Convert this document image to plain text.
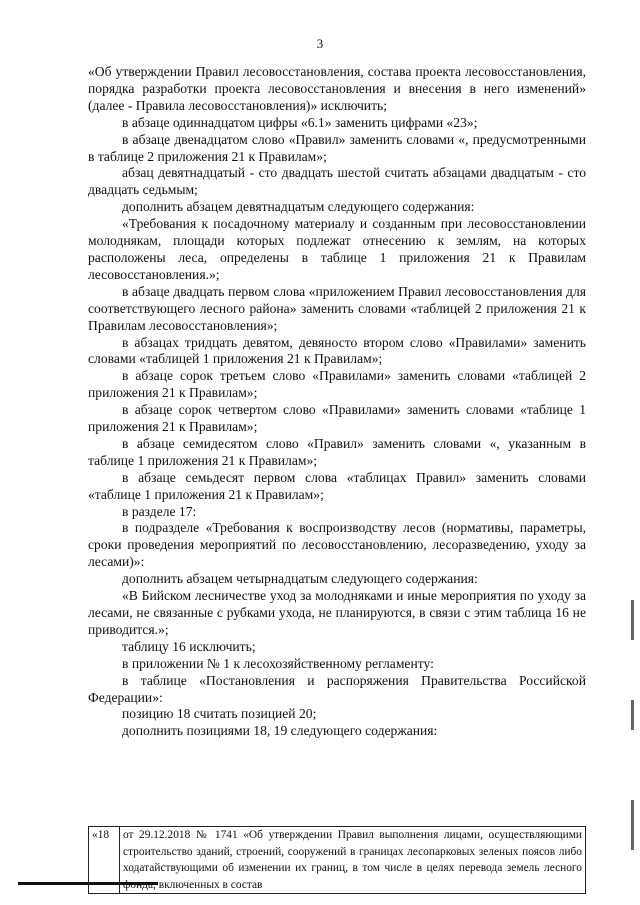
3

«Об утверждении Правил лесовосстановления, состава проекта лесовосстановления, порядка разработки проекта лесовосстановления и внесения в него изменений» (далее - Правила лесовосстановления)» исключить;

в абзаце одиннадцатом цифры «6.1» заменить цифрами «23»;

в абзаце двенадцатом слово «Правил» заменить словами «, предусмотренными в таблице 2 приложения 21 к Правилам»;

абзац девятнадцатый - сто двадцать шестой считать абзацами двадцатым - сто двадцать седьмым;

дополнить абзацем девятнадцатым следующего содержания:

«Требования к посадочному материалу и созданным при лесовосстановлении молоднякам, площади которых подлежат отнесению к землям, на которых расположены леса, определены в таблице 1 приложения 21 к Правилам лесовосстановления.»;

в абзаце двадцать первом слова «приложением Правил лесовосстановления для соответствующего лесного района» заменить словами «таблицей 2 приложения 21 к Правилам лесовосстановления»;

в абзацах тридцать девятом, девяносто втором слово «Правилами» заменить словами «таблицей 1 приложения 21 к Правилам»;

в абзаце сорок третьем слово «Правилами» заменить словами «таблицей 2 приложения 21 к Правилам»;

в абзаце сорок четвертом слово «Правилами» заменить словами «таблице 1 приложения 21 к Правилам»;

в абзаце семидесятом слово «Правил» заменить словами «, указанным в таблице 1 приложения 21 к Правилам»;

в абзаце семьдесят первом слова «таблицах Правил» заменить словами «таблице 1 приложения 21 к Правилам»;

в разделе 17:

в подразделе «Требования к воспроизводству лесов (нормативы, параметры, сроки проведения мероприятий по лесовосстановлению, лесоразведению, уходу за лесами)»:

дополнить абзацем четырнадцатым следующего содержания:

«В Бийском лесничестве уход за молодняками и иные мероприятия по уходу за лесами, не связанные с рубками ухода, не планируются, в связи с этим таблица 16 не приводится.»;

таблицу 16 исключить;

в приложении № 1 к лесохозяйственному регламенту:

в таблице «Постановления и распоряжения Правительства Российской Федерации»:

позицию 18 считать позицией 20;

дополнить позициями 18, 19 следующего содержания:

«18	от 29.12.2018 № 1741 «Об утверждении Правил выполнения лицами, осуществляющими строительство зданий, строений, сооружений в границах лесопарковых зеленых поясов либо ходатайствующими об изменении их границ, в том числе в целях перевода земель лесного фонда, включенных в состав
